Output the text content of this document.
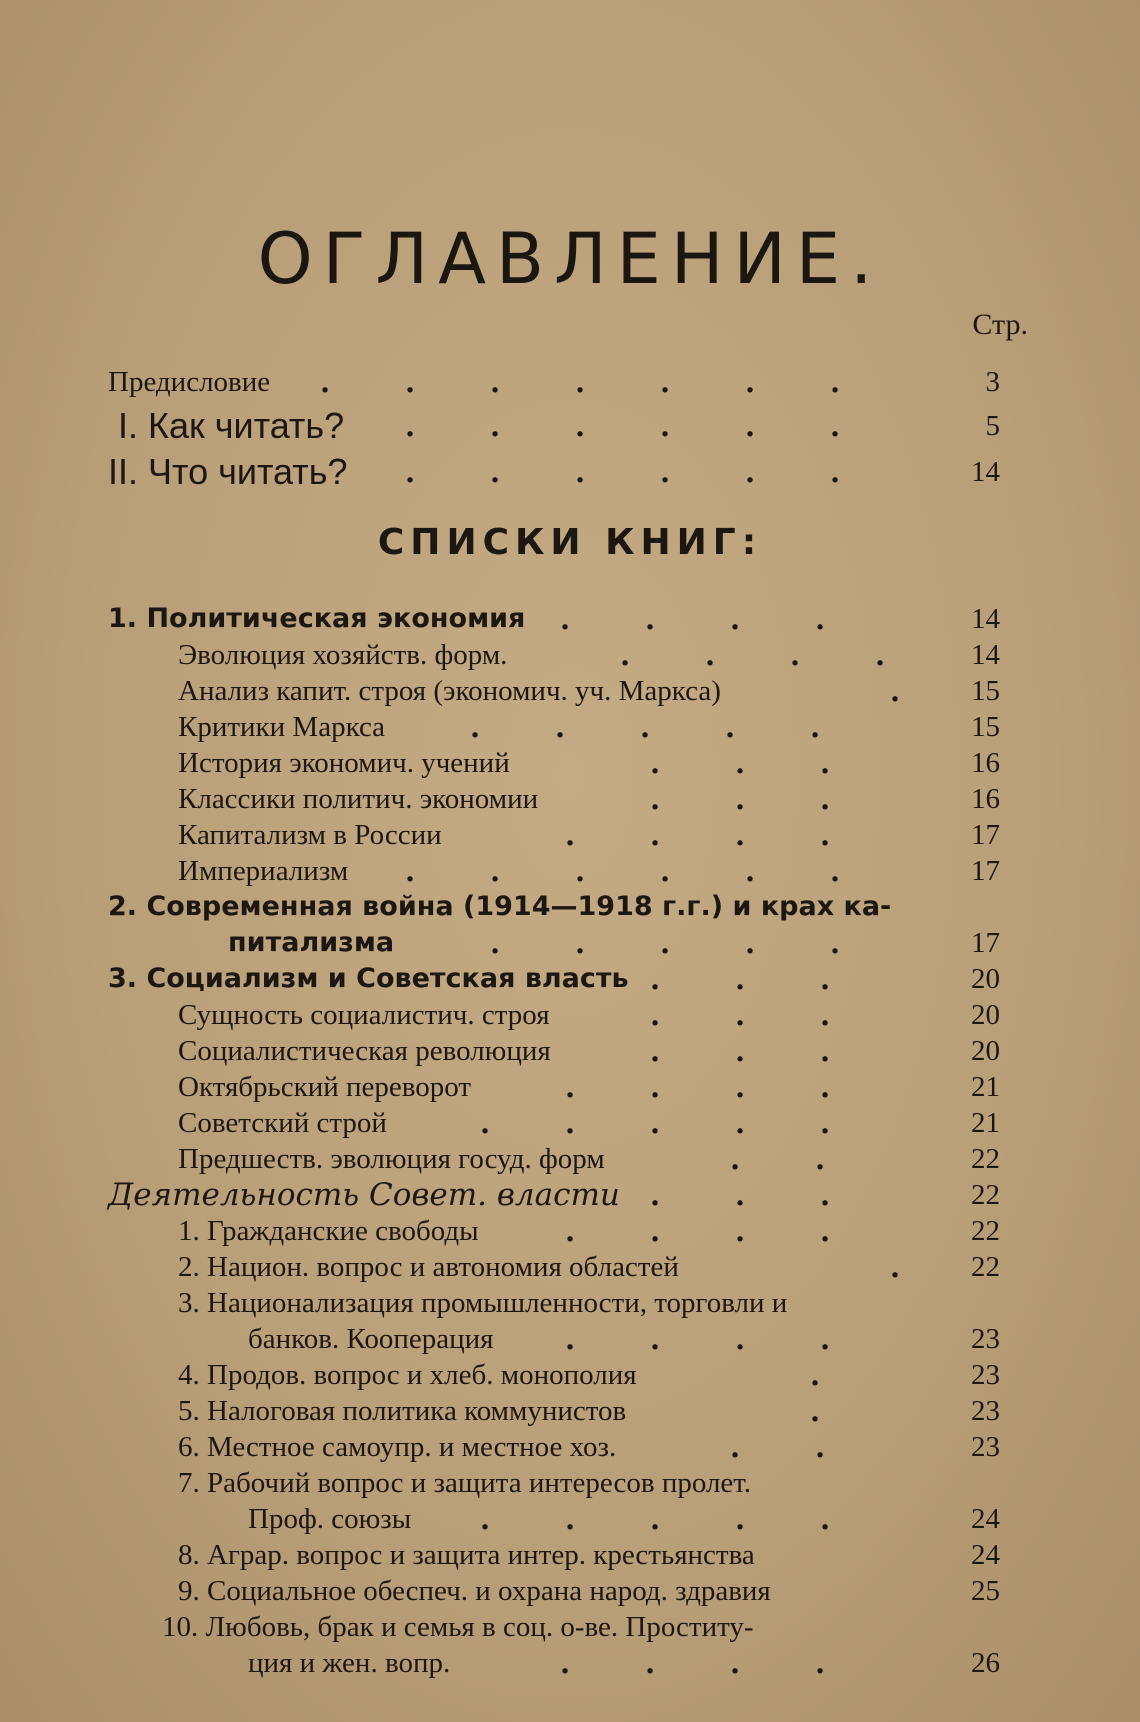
ОГЛАВЛЕНИЕ.
Стр.
СПИСКИ КНИГ:
Предисловие .	.	.	.	.	.	.	3
I. Как читать? .	.	.	.	.	.	5
II. Что читать? .	.	.	.	.	.	14
1. Политическая экономия .	.	.	.	14
Эволюция хозяйств. форм.	.	.	.	.	14
Анализ капит. строя (экономич. уч. Маркса)	. 15
Критики Маркса	.	.	.	.	.	15
История экономич. учений	.	.	.	16
Классики политич. экономии	.	.	.	16
Капитализм в России	.	.	.	.	17
Империализм .	.	.	.	.	.	17
2. Современная война (1914—1918 г.г.) и крах ка-
питализма	.	.	.	.	.	17
3. Социализм и Советская власть .	.	.	20
Сущность социалистич. строя	.	.	.	20
Социалистическая революция	.	.	.	20
Октябрьский переворот	.	.	.	.	21
Советский строй	.	.	.	.	.	21
Предшеств. эволюция госуд. форм	.	.	22
Деятельность Совет. власти .	.	.	22
1. Гражданские свободы	.	.	.	.	22
2. Национ. вопрос и автономия областей	. 22
3. Национализация промышленности, торговли и
банков. Кооперация .	.	.	.	23
4. Продов. вопрос и хлеб. монополия	.	23
5. Налоговая политика коммунистов	.	23
6. Местное самоупр. и местное хоз.	.	.	23
7. Рабочий вопрос и защита интересов пролет.
Проф. союзы .	.	.	.	.	24
8. Аграр. вопрос и защита интер. крестьянства	24
9. Социальное обеспеч. и охрана народ. здравия	25
10. Любовь, брак и семья в соц. о-ве. Проститу-
ция и жен. вопр.	.	.	.	.	26
